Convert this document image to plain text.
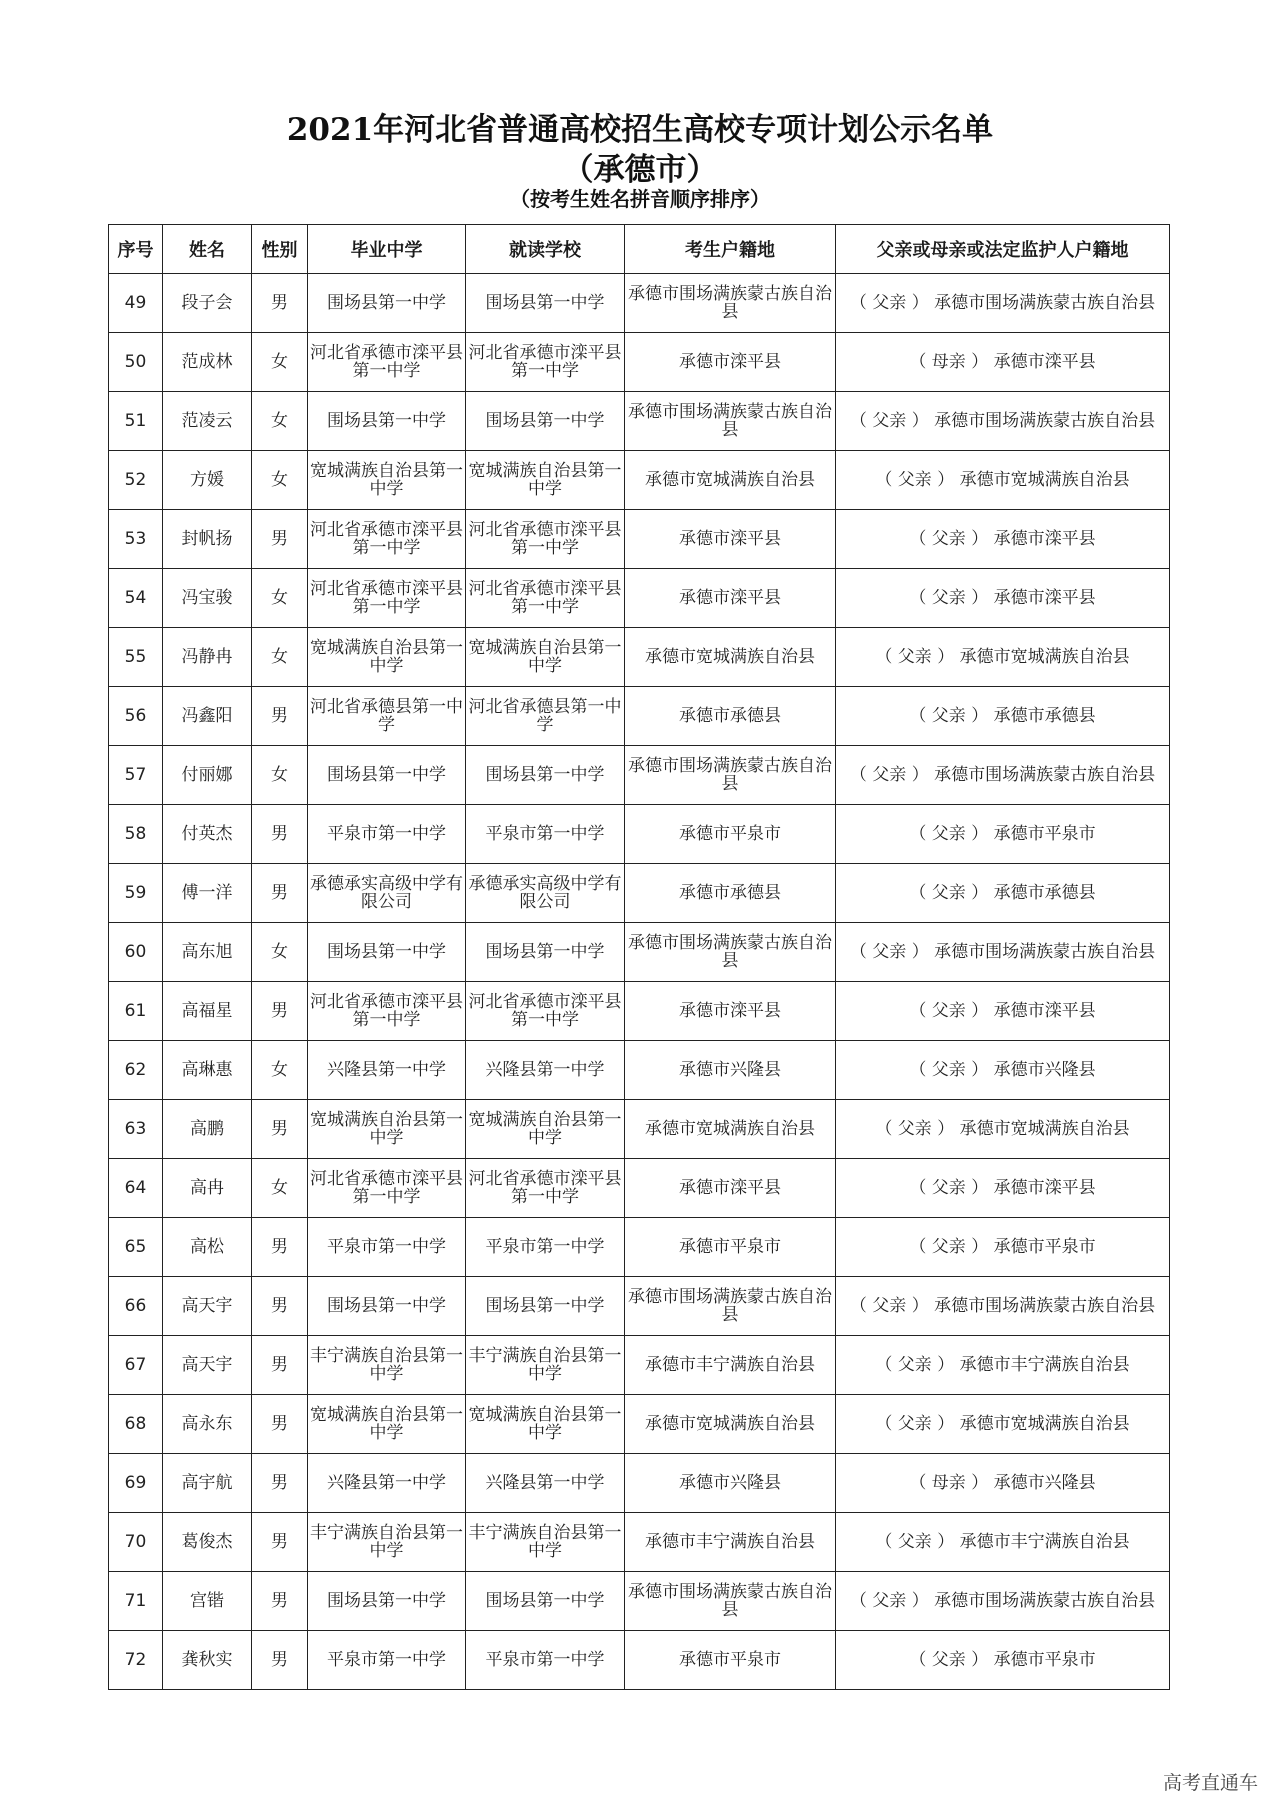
2021年河北省普通高校招生高校专项计划公示名单
（承德市）
（按考生姓名拼音顺序排序）
序号	姓名	性别	毕业中学	就读学校	考生户籍地	父亲或母亲或法定监护人户籍地
49	段子会	男	围场县第一中学	围场县第一中学	承德市围场满族蒙古族自治县	（ 父亲 ） 承德市围场满族蒙古族自治县
50	范成林	女	河北省承德市滦平县第一中学	河北省承德市滦平县第一中学	承德市滦平县	（ 母亲 ） 承德市滦平县
51	范凌云	女	围场县第一中学	围场县第一中学	承德市围场满族蒙古族自治县	（ 父亲 ） 承德市围场满族蒙古族自治县
52	方媛	女	宽城满族自治县第一中学	宽城满族自治县第一中学	承德市宽城满族自治县	（ 父亲 ） 承德市宽城满族自治县
53	封帆扬	男	河北省承德市滦平县第一中学	河北省承德市滦平县第一中学	承德市滦平县	（ 父亲 ） 承德市滦平县
54	冯宝骏	女	河北省承德市滦平县第一中学	河北省承德市滦平县第一中学	承德市滦平县	（ 父亲 ） 承德市滦平县
55	冯静冉	女	宽城满族自治县第一中学	宽城满族自治县第一中学	承德市宽城满族自治县	（ 父亲 ） 承德市宽城满族自治县
56	冯鑫阳	男	河北省承德县第一中学	河北省承德县第一中学	承德市承德县	（ 父亲 ） 承德市承德县
57	付丽娜	女	围场县第一中学	围场县第一中学	承德市围场满族蒙古族自治县	（ 父亲 ） 承德市围场满族蒙古族自治县
58	付英杰	男	平泉市第一中学	平泉市第一中学	承德市平泉市	（ 父亲 ） 承德市平泉市
59	傅一洋	男	承德承实高级中学有限公司	承德承实高级中学有限公司	承德市承德县	（ 父亲 ） 承德市承德县
60	高东旭	女	围场县第一中学	围场县第一中学	承德市围场满族蒙古族自治县	（ 父亲 ） 承德市围场满族蒙古族自治县
61	高福星	男	河北省承德市滦平县第一中学	河北省承德市滦平县第一中学	承德市滦平县	（ 父亲 ） 承德市滦平县
62	高琳惠	女	兴隆县第一中学	兴隆县第一中学	承德市兴隆县	（ 父亲 ） 承德市兴隆县
63	高鹏	男	宽城满族自治县第一中学	宽城满族自治县第一中学	承德市宽城满族自治县	（ 父亲 ） 承德市宽城满族自治县
64	高冉	女	河北省承德市滦平县第一中学	河北省承德市滦平县第一中学	承德市滦平县	（ 父亲 ） 承德市滦平县
65	高松	男	平泉市第一中学	平泉市第一中学	承德市平泉市	（ 父亲 ） 承德市平泉市
66	高天宇	男	围场县第一中学	围场县第一中学	承德市围场满族蒙古族自治县	（ 父亲 ） 承德市围场满族蒙古族自治县
67	高天宇	男	丰宁满族自治县第一中学	丰宁满族自治县第一中学	承德市丰宁满族自治县	（ 父亲 ） 承德市丰宁满族自治县
68	高永东	男	宽城满族自治县第一中学	宽城满族自治县第一中学	承德市宽城满族自治县	（ 父亲 ） 承德市宽城满族自治县
69	高宇航	男	兴隆县第一中学	兴隆县第一中学	承德市兴隆县	（ 母亲 ） 承德市兴隆县
70	葛俊杰	男	丰宁满族自治县第一中学	丰宁满族自治县第一中学	承德市丰宁满族自治县	（ 父亲 ） 承德市丰宁满族自治县
71	宫锴	男	围场县第一中学	围场县第一中学	承德市围场满族蒙古族自治县	（ 父亲 ） 承德市围场满族蒙古族自治县
72	龚秋实	男	平泉市第一中学	平泉市第一中学	承德市平泉市	（ 父亲 ） 承德市平泉市
高考直通车
